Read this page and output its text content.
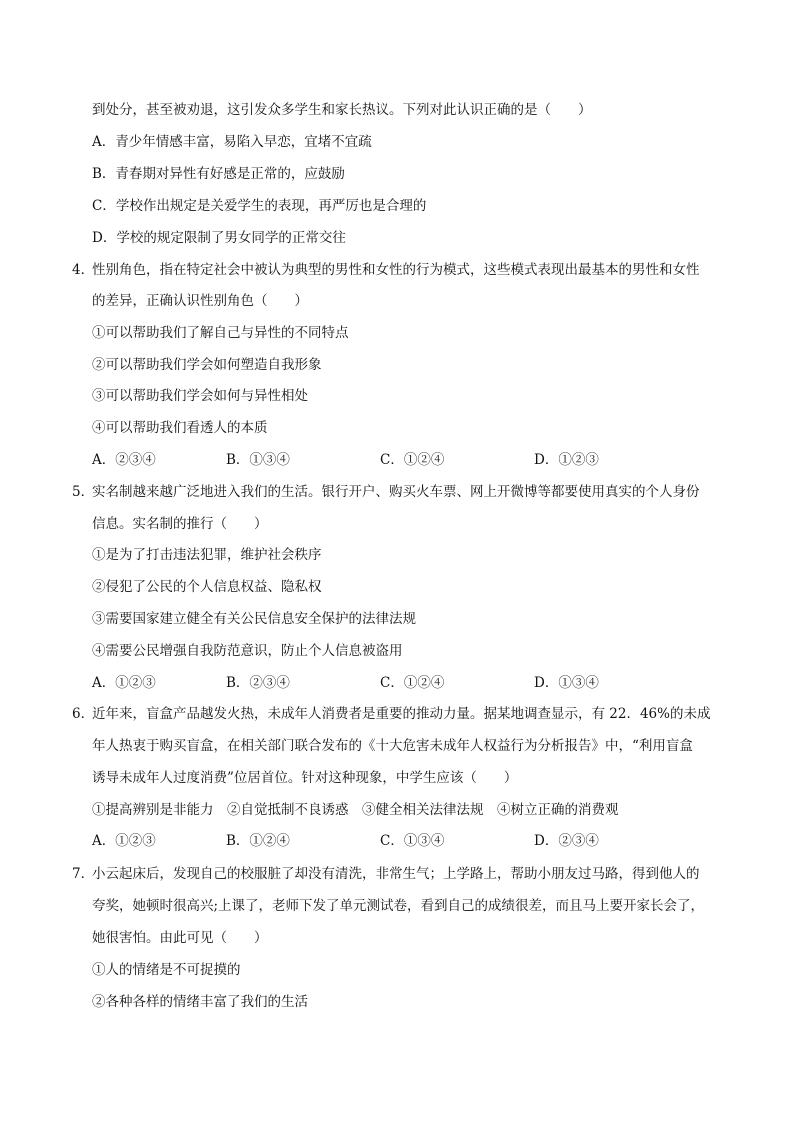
到处分，甚至被劝退，这引发众多学生和家长热议。下列对此认识正确的是（　　）
A．青少年情感丰富，易陷入早恋，宜堵不宜疏
B．青春期对异性有好感是正常的，应鼓励
C．学校作出规定是关爱学生的表现，再严厉也是合理的
D．学校的规定限制了男女同学的正常交往
4．
性别角色，指在特定社会中被认为典型的男性和女性的行为模式，这些模式表现出最基本的男性和女性
的差异，正确认识性别角色（　　）
①可以帮助我们了解自己与异性的不同特点
②可以帮助我们学会如何塑造自我形象
③可以帮助我们学会如何与异性相处
④可以帮助我们看透人的本质
A．②③④	B．①③④	C．①②④	D．①②③
5．
实名制越来越广泛地进入我们的生活。银行开户、购买火车票、网上开微博等都要使用真实的个人身份
信息。实名制的推行（　　）
①是为了打击违法犯罪，维护社会秩序
②侵犯了公民的个人信息权益、隐私权
③需要国家建立健全有关公民信息安全保护的法律法规
④需要公民增强自我防范意识，防止个人信息被盗用
A．①②③	B．②③④	C．①②④	D．①③④
6．
近年来，盲盒产品越发火热，未成年人消费者是重要的推动力量。据某地调查显示，有 22．46%的未成
年人热衷于购买盲盒，在相关部门联合发布的《十大危害未成年人权益行为分析报告》中，“利用盲盒
诱导未成年人过度消费”位居首位。针对这种现象，中学生应该（　　）
①提高辨别是非能力　②自觉抵制不良诱惑　③健全相关法律法规　④树立正确的消费观
A．①②③	B．①②④	C．①③④	D．②③④
7．
小云起床后，发现自己的校服脏了却没有清洗，非常生气；上学路上，帮助小朋友过马路，得到他人的
夸奖，她顿时很高兴;上课了，老师下发了单元测试卷，看到自己的成绩很差，而且马上要开家长会了，
她很害怕。由此可见（　　）
①人的情绪是不可捉摸的
②各种各样的情绪丰富了我们的生活
